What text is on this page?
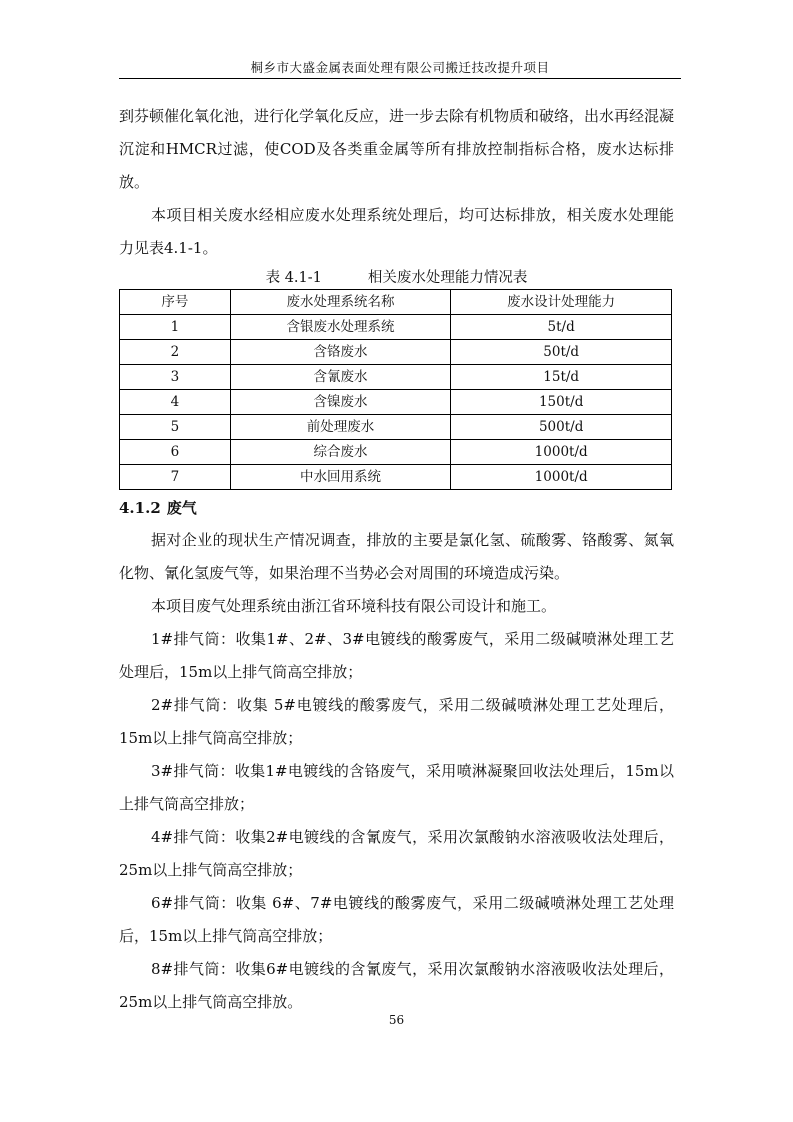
桐乡市大盛金属表面处理有限公司搬迁技改提升项目

到芬顿催化氧化池，进行化学氧化反应，进一步去除有机物质和破络，出水再经混凝沉淀和HMCR过滤，使COD及各类重金属等所有排放控制指标合格，废水达标排放。

本项目相关废水经相应废水处理系统处理后，均可达标排放，相关废水处理能力见表4.1-1。

表 4.1-1	相关废水处理能力情况表
序号	废水处理系统名称	废水设计处理能力
1	含银废水处理系统	5t/d
2	含铬废水	50t/d
3	含氰废水	15t/d
4	含镍废水	150t/d
5	前处理废水	500t/d
6	综合废水	1000t/d
7	中水回用系统	1000t/d
4.1.2 废气

据对企业的现状生产情况调查，排放的主要是氯化氢、硫酸雾、铬酸雾、氮氧化物、氰化氢废气等，如果治理不当势必会对周围的环境造成污染。

本项目废气处理系统由浙江省环境科技有限公司设计和施工。

1#排气筒：收集1#、2#、3#电镀线的酸雾废气，采用二级碱喷淋处理工艺处理后，15m以上排气筒高空排放；

2#排气筒：收集 5#电镀线的酸雾废气，采用二级碱喷淋处理工艺处理后，15m以上排气筒高空排放；

3#排气筒：收集1#电镀线的含铬废气，采用喷淋凝聚回收法处理后，15m以上排气筒高空排放；

4#排气筒：收集2#电镀线的含氰废气，采用次氯酸钠水溶液吸收法处理后，25m以上排气筒高空排放；

6#排气筒：收集 6#、7#电镀线的酸雾废气，采用二级碱喷淋处理工艺处理后，15m以上排气筒高空排放；

8#排气筒：收集6#电镀线的含氰废气，采用次氯酸钠水溶液吸收法处理后，25m以上排气筒高空排放。

56
